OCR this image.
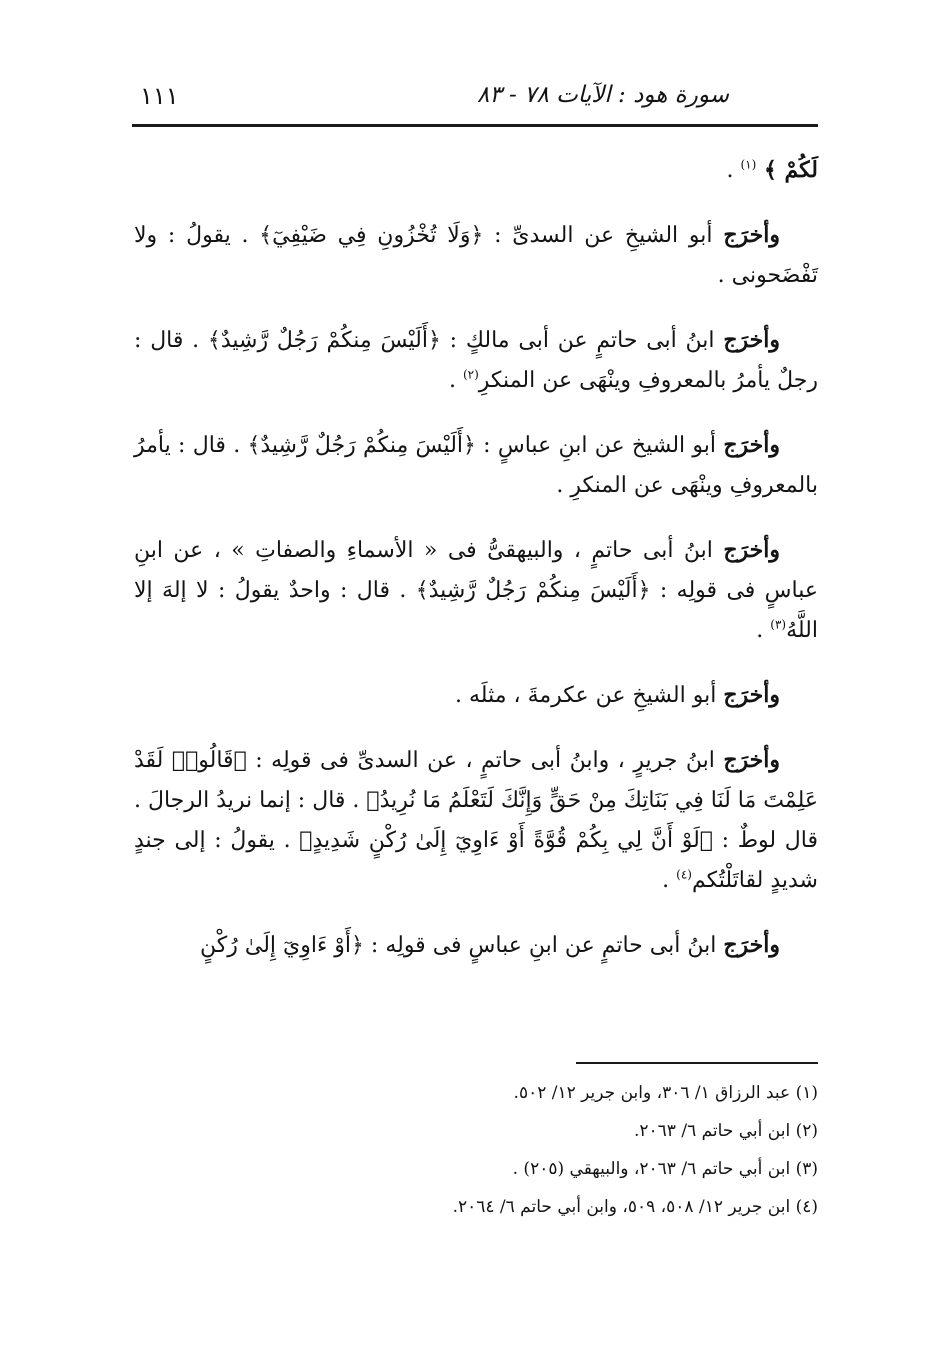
سورة هود : الآيات ٧٨ - ٨٣
١١١

لَكُمْ ﴾ $^{(١)}$ .

وأخرَج أبو الشيخِ عن السدىِّ : ﴿وَلَا تُخْزُونِ فِي ضَيْفِيٓ﴾ . يقولُ : ولا تَفْضَحونى .

وأخرَج ابنُ أبى حاتمٍ عن أبى مالكٍ : ﴿أَلَيْسَ مِنكُمْ رَجُلٌ رَّشِيدٌ﴾ . قال : رجلٌ يأمرُ بالمعروفِ وينْهَى عن المنكرِ$^{(٢)}$ .

وأخرَج أبو الشيخ عن ابنِ عباسٍ : ﴿أَلَيْسَ مِنكُمْ رَجُلٌ رَّشِيدٌ﴾ . قال : يأمرُ بالمعروفِ وينْهَى عن المنكرِ .

وأخرَج ابنُ أبى حاتمٍ ، والبيهقىُّ فى « الأسماءِ والصفاتِ » ، عن ابنِ عباسٍ فى قولِه : ﴿أَلَيْسَ مِنكُمْ رَجُلٌ رَّشِيدٌ﴾ . قال : واحدٌ يقولُ : لا إلهَ إلا اللَّهُ$^{(٣)}$ .

وأخرَج أبو الشيخِ عن عكرمةَ ، مثلَه .

وأخرَج ابنُ جريرٍ ، وابنُ أبى حاتمٍ ، عن السدىِّ فى قولِه : ﴿قَالُوا۟ لَقَدْ عَلِمْتَ مَا لَنَا فِي بَنَاتِكَ مِنْ حَقٍّ وَإِنَّكَ لَتَعْلَمُ مَا نُرِيدُ﴾ . قال : إنما نريدُ الرجالَ . قال لوطٌ : ﴿لَوْ أَنَّ لِي بِكُمْ قُوَّةً أَوْ ءَاوِيٓ إِلَىٰ رُكْنٍ شَدِيدٍ﴾ . يقولُ : إلى جندٍ شديدٍ لقاتَلْتُكم$^{(٤)}$ .

وأخرَج ابنُ أبى حاتمٍ عن ابنِ عباسٍ فى قولِه : ﴿أَوْ ءَاوِيٓ إِلَىٰ رُكْنٍ

(١) عبد الرزاق ١/ ٣٠٦، وابن جرير ١٢/ ٥٠٢.
(٢) ابن أبي حاتم ٦/ ٢٠٦٣.
(٣) ابن أبي حاتم ٦/ ٢٠٦٣، والبيهقي (٢٠٥) .
(٤) ابن جرير ١٢/ ٥٠٨، ٥٠٩، وابن أبي حاتم ٦/ ٢٠٦٤.
